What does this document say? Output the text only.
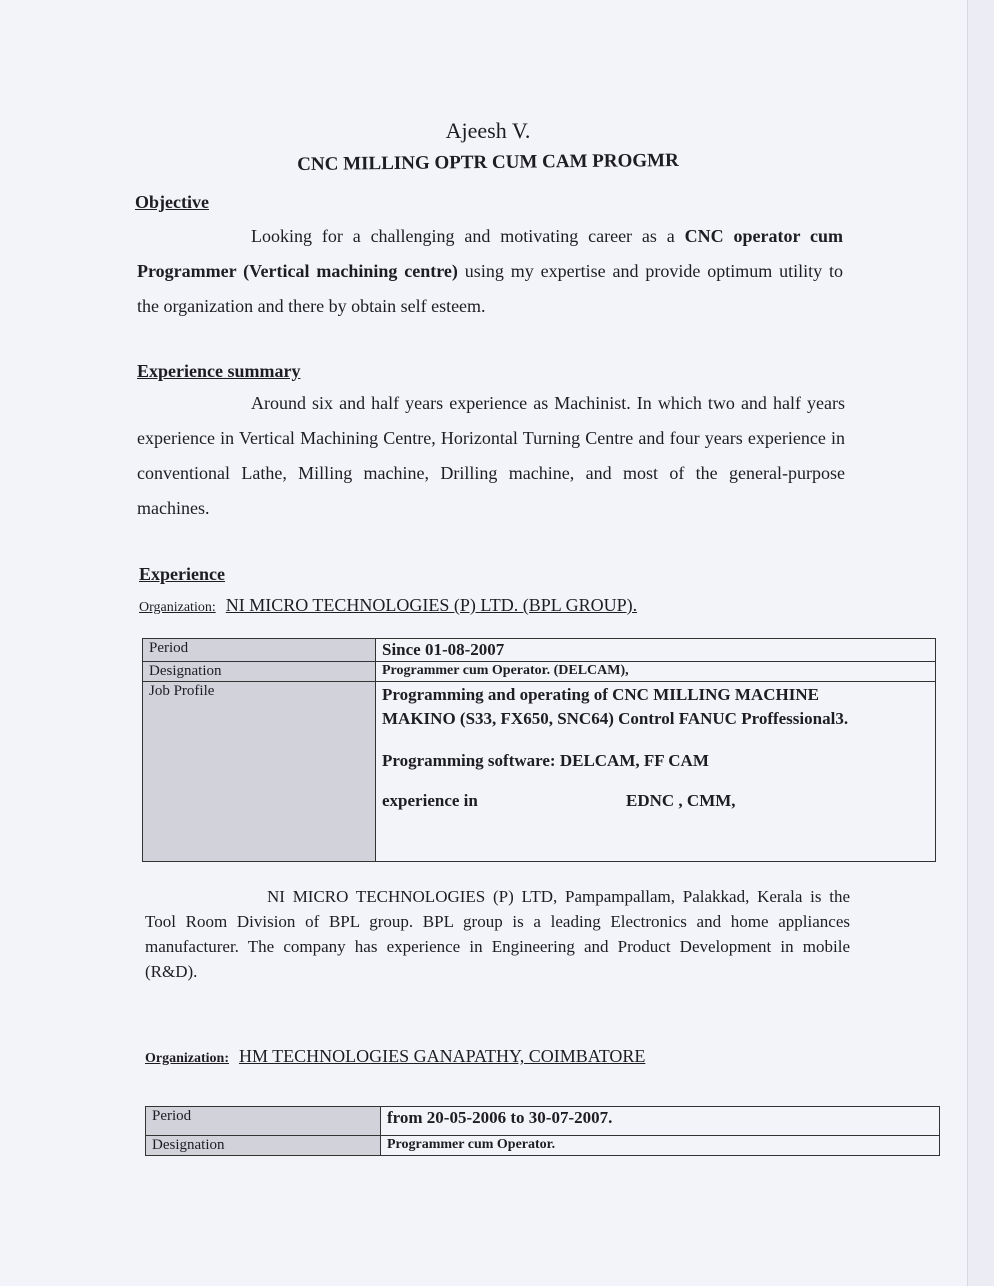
Ajeesh V.
CNC MILLING OPTR CUM CAM PROGMR
Objective
Looking for a challenging and motivating career as a CNC operator cum Programmer (Vertical machining centre) using my expertise and provide optimum utility to the organization and there by obtain self esteem.
Experience summary
Around six and half years experience as Machinist. In which two and half years experience in Vertical Machining Centre, Horizontal Turning Centre and four years experience in conventional Lathe, Milling machine, Drilling machine, and most of the general-purpose machines.
Experience
Organization: NI MICRO TECHNOLOGIES (P) LTD. (BPL GROUP).
Period	Since 01-08-2007
Designation	Programmer cum Operator. (DELCAM),
Job Profile	Programming and operating of CNC MILLING MACHINE
MAKINO (S33, FX650, SNC64) Control FANUC Proffessional3.
Programming software: DELCAM, FF CAM
experience in EDNC , CMM,
NI MICRO TECHNOLOGIES (P) LTD, Pampampallam, Palakkad, Kerala is the Tool Room Division of BPL group. BPL group is a leading Electronics and home appliances manufacturer. The company has experience in Engineering and Product Development in mobile (R&D).
Organization: HM TECHNOLOGIES GANAPATHY, COIMBATORE
Period	from 20-05-2006 to 30-07-2007.
Designation	Programmer cum Operator.
